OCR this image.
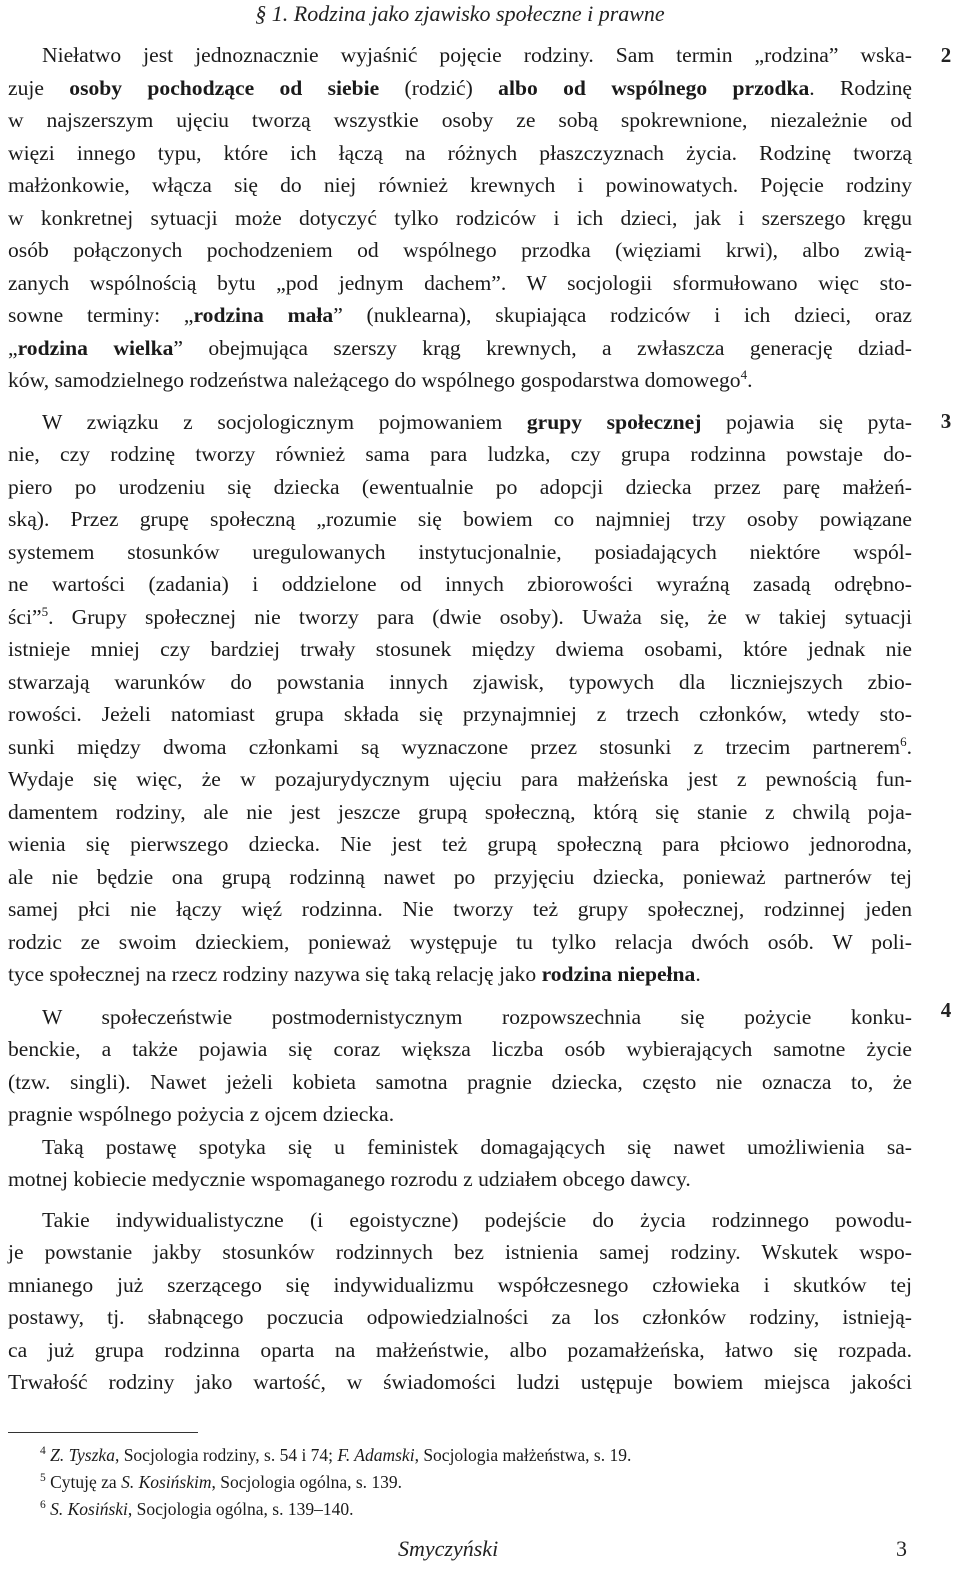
§ 1. Rodzina jako zjawisko społeczne i prawne
Niełatwo jest jednoznacznie wyjaśnić pojęcie rodziny. Sam termin „rodzina” wska-
zuje osoby pochodzące od siebie (rodzić) albo od wspólnego przodka. Rodzinę
w najszerszym ujęciu tworzą wszystkie osoby ze sobą spokrewnione, niezależnie od
więzi innego typu, które ich łączą na różnych płaszczyznach życia. Rodzinę tworzą
małżonkowie, włącza się do niej również krewnych i powinowatych. Pojęcie rodziny
w konkretnej sytuacji może dotyczyć tylko rodziców i ich dzieci, jak i szerszego kręgu
osób połączonych pochodzeniem od wspólnego przodka (więziami krwi), albo zwią-
zanych wspólnością bytu „pod jednym dachem”. W socjologii sformułowano więc sto-
sowne terminy: „rodzina mała” (nuklearna), skupiająca rodziców i ich dzieci, oraz
„rodzina wielka” obejmująca szerszy krąg krewnych, a zwłaszcza generację dziad-
ków, samodzielnego rodzeństwa należącego do wspólnego gospodarstwa domowego$^4$.
W związku z socjologicznym pojmowaniem grupy społecznej pojawia się pyta-
nie, czy rodzinę tworzy również sama para ludzka, czy grupa rodzinna powstaje do-
piero po urodzeniu się dziecka (ewentualnie po adopcji dziecka przez parę małżeń-
ską). Przez grupę społeczną „rozumie się bowiem co najmniej trzy osoby powiązane
systemem stosunków uregulowanych instytucjonalnie, posiadających niektóre wspól-
ne wartości (zadania) i oddzielone od innych zbiorowości wyraźną zasadą odrębno-
ści”$^5$. Grupy społecznej nie tworzy para (dwie osoby). Uważa się, że w takiej sytuacji
istnieje mniej czy bardziej trwały stosunek między dwiema osobami, które jednak nie
stwarzają warunków do powstania innych zjawisk, typowych dla liczniejszych zbio-
rowości. Jeżeli natomiast grupa składa się przynajmniej z trzech członków, wtedy sto-
sunki między dwoma członkami są wyznaczone przez stosunki z trzecim partnerem$^6$.
Wydaje się więc, że w pozajurydycznym ujęciu para małżeńska jest z pewnością fun-
damentem rodziny, ale nie jest jeszcze grupą społeczną, którą się stanie z chwilą poja-
wienia się pierwszego dziecka. Nie jest też grupą społeczną para płciowo jednorodna,
ale nie będzie ona grupą rodzinną nawet po przyjęciu dziecka, ponieważ partnerów tej
samej płci nie łączy więź rodzinna. Nie tworzy też grupy społecznej, rodzinnej jeden
rodzic ze swoim dzieckiem, ponieważ występuje tu tylko relacja dwóch osób. W poli-
tyce społecznej na rzecz rodziny nazywa się taką relację jako rodzina niepełna.
W społeczeństwie postmodernistycznym rozpowszechnia się pożycie konku-
benckie, a także pojawia się coraz większa liczba osób wybierających samotne życie
(tzw. singli). Nawet jeżeli kobieta samotna pragnie dziecka, często nie oznacza to, że
pragnie wspólnego pożycia z ojcem dziecka.
Taką postawę spotyka się u feministek domagających się nawet umożliwienia sa-
motnej kobiecie medycznie wspomaganego rozrodu z udziałem obcego dawcy.
Takie indywidualistyczne (i egoistyczne) podejście do życia rodzinnego powodu-
je powstanie jakby stosunków rodzinnych bez istnienia samej rodziny. Wskutek wspo-
mnianego już szerzącego się indywidualizmu współczesnego człowieka i skutków tej
postawy, tj. słabnącego poczucia odpowiedzialności za los członków rodziny, istnieją-
ca już grupa rodzinna oparta na małżeństwie, albo pozamałżeńska, łatwo się rozpada.
Trwałość rodziny jako wartość, w świadomości ludzi ustępuje bowiem miejsca jakości
2
3
4
$^4$ Z. Tyszka, Socjologia rodziny, s. 54 i 74; F. Adamski, Socjologia małżeństwa, s. 19.
$^5$ Cytuję za S. Kosińskim, Socjologia ogólna, s. 139.
$^6$ S. Kosiński, Socjologia ogólna, s. 139–140.
Smyczyński	3
